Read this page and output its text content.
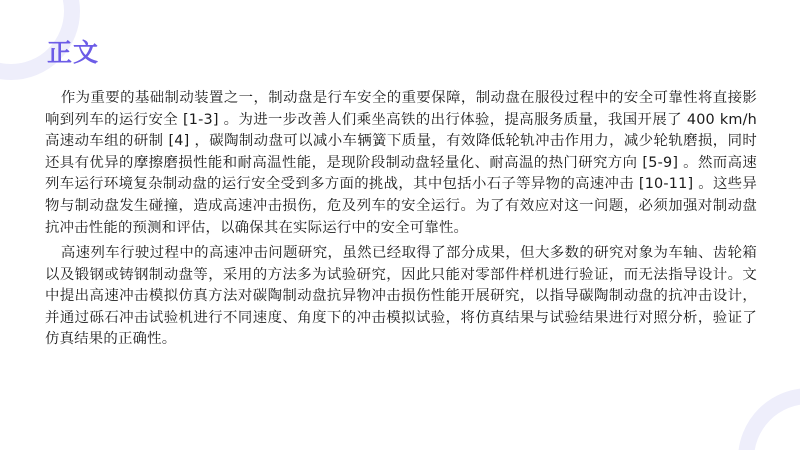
正文

作为重要的基础制动装置之一，制动盘是行车安全的重要保障，制动盘在服役过程中的安全可靠性将直接影响到列车的运行安全 [1-3] 。为进一步改善人们乘坐高铁的出行体验，提高服务质量，我国开展了 400 km/h 高速动车组的研制 [4] ，碳陶制动盘可以减小车辆簧下质量，有效降低轮轨冲击作用力，减少轮轨磨损，同时还具有优异的摩擦磨损性能和耐高温性能，是现阶段制动盘轻量化、耐高温的热门研究方向 [5-9] 。然而高速列车运行环境复杂制动盘的运行安全受到多方面的挑战，其中包括小石子等异物的高速冲击 [10-11] 。这些异物与制动盘发生碰撞，造成高速冲击损伤，危及列车的安全运行。为了有效应对这一问题，必须加强对制动盘抗冲击性能的预测和评估，以确保其在实际运行中的安全可靠性。

高速列车行驶过程中的高速冲击问题研究，虽然已经取得了部分成果，但大多数的研究对象为车轴、齿轮箱以及锻钢或铸钢制动盘等，采用的方法多为试验研究，因此只能对零部件样机进行验证，而无法指导设计。文中提出高速冲击模拟仿真方法对碳陶制动盘抗异物冲击损伤性能开展研究，以指导碳陶制动盘的抗冲击设计，并通过砾石冲击试验机进行不同速度、角度下的冲击模拟试验，将仿真结果与试验结果进行对照分析，验证了仿真结果的正确性。
